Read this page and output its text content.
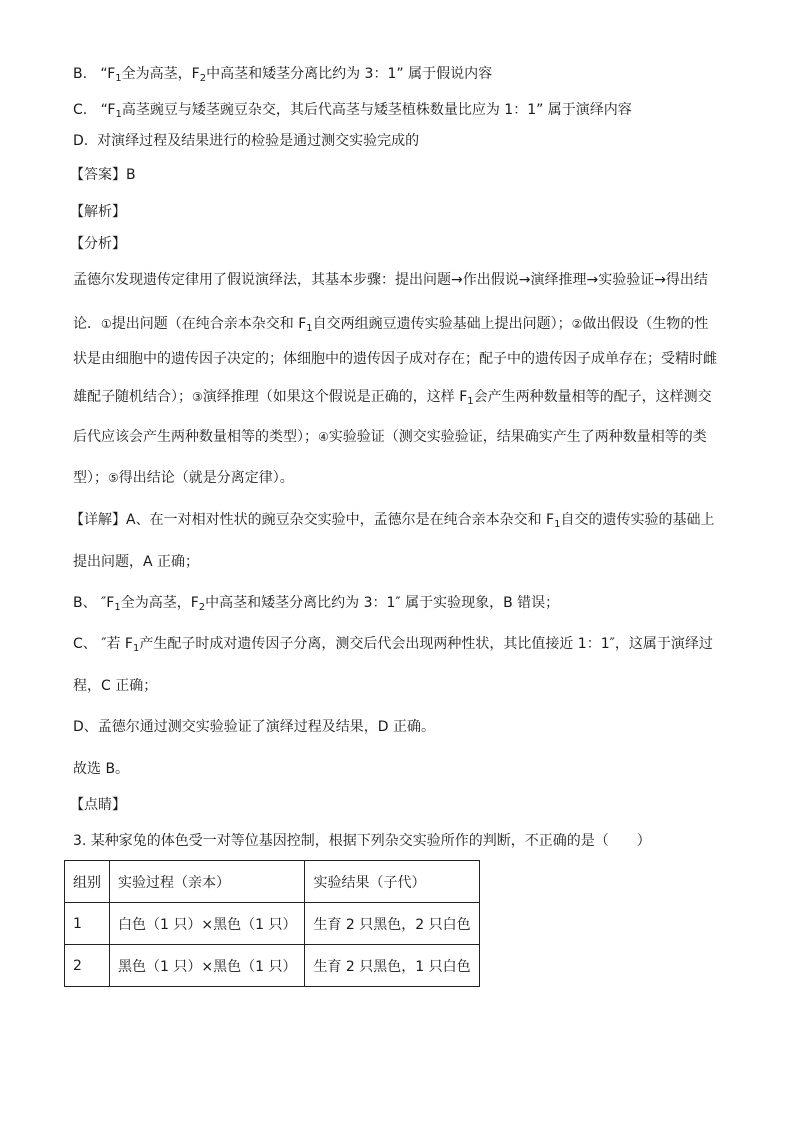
B. “$F_1$全为高茎，$F_2$中高茎和矮茎分离比约为 3：1” 属于假说内容
C. “$F_1$高茎豌豆与矮茎豌豆杂交，其后代高茎与矮茎植株数量比应为 1：1” 属于演绎内容
D. 对演绎过程及结果进行的检验是通过测交实验完成的
【答案】B
【解析】
【分析】
孟德尔发现遗传定律用了假说演绎法，其基本步骤：提出问题→作出假说→演绎推理→实验验证→得出结
论．①提出问题（在纯合亲本杂交和 $F_1$自交两组豌豆遗传实验基础上提出问题）；②做出假设（生物的性
状是由细胞中的遗传因子决定的；体细胞中的遗传因子成对存在；配子中的遗传因子成单存在；受精时雌
雄配子随机结合）；③演绎推理（如果这个假说是正确的，这样 $F_1$会产生两种数量相等的配子，这样测交
后代应该会产生两种数量相等的类型）；④实验验证（测交实验验证，结果确实产生了两种数量相等的类
型）；⑤得出结论（就是分离定律）。
【详解】A、在一对相对性状的豌豆杂交实验中，孟德尔是在纯合亲本杂交和 $F_1$自交的遗传实验的基础上
提出问题，A 正确；
B、 $''F_1$全为高茎，$F_2$中高茎和矮茎分离比约为 3：1″ 属于实验现象，B 错误；
C、 ″若 $F_1$产生配子时成对遗传因子分离，测交后代会出现两种性状，其比值接近 1：1″，这属于演绎过
程，C 正确；
D、孟德尔通过测交实验验证了演绎过程及结果，D 正确。
故选 B。
【点睛】
3. 某种家兔的体色受一对等位基因控制，根据下列杂交实验所作的判断，不正确的是（　　）
组别	实验过程（亲本）	实验结果（子代）
1	白色（1 只）×黑色（1 只）	生育 2 只黑色，2 只白色
2	黑色（1 只）×黑色（1 只）	生育 2 只黑色，1 只白色
